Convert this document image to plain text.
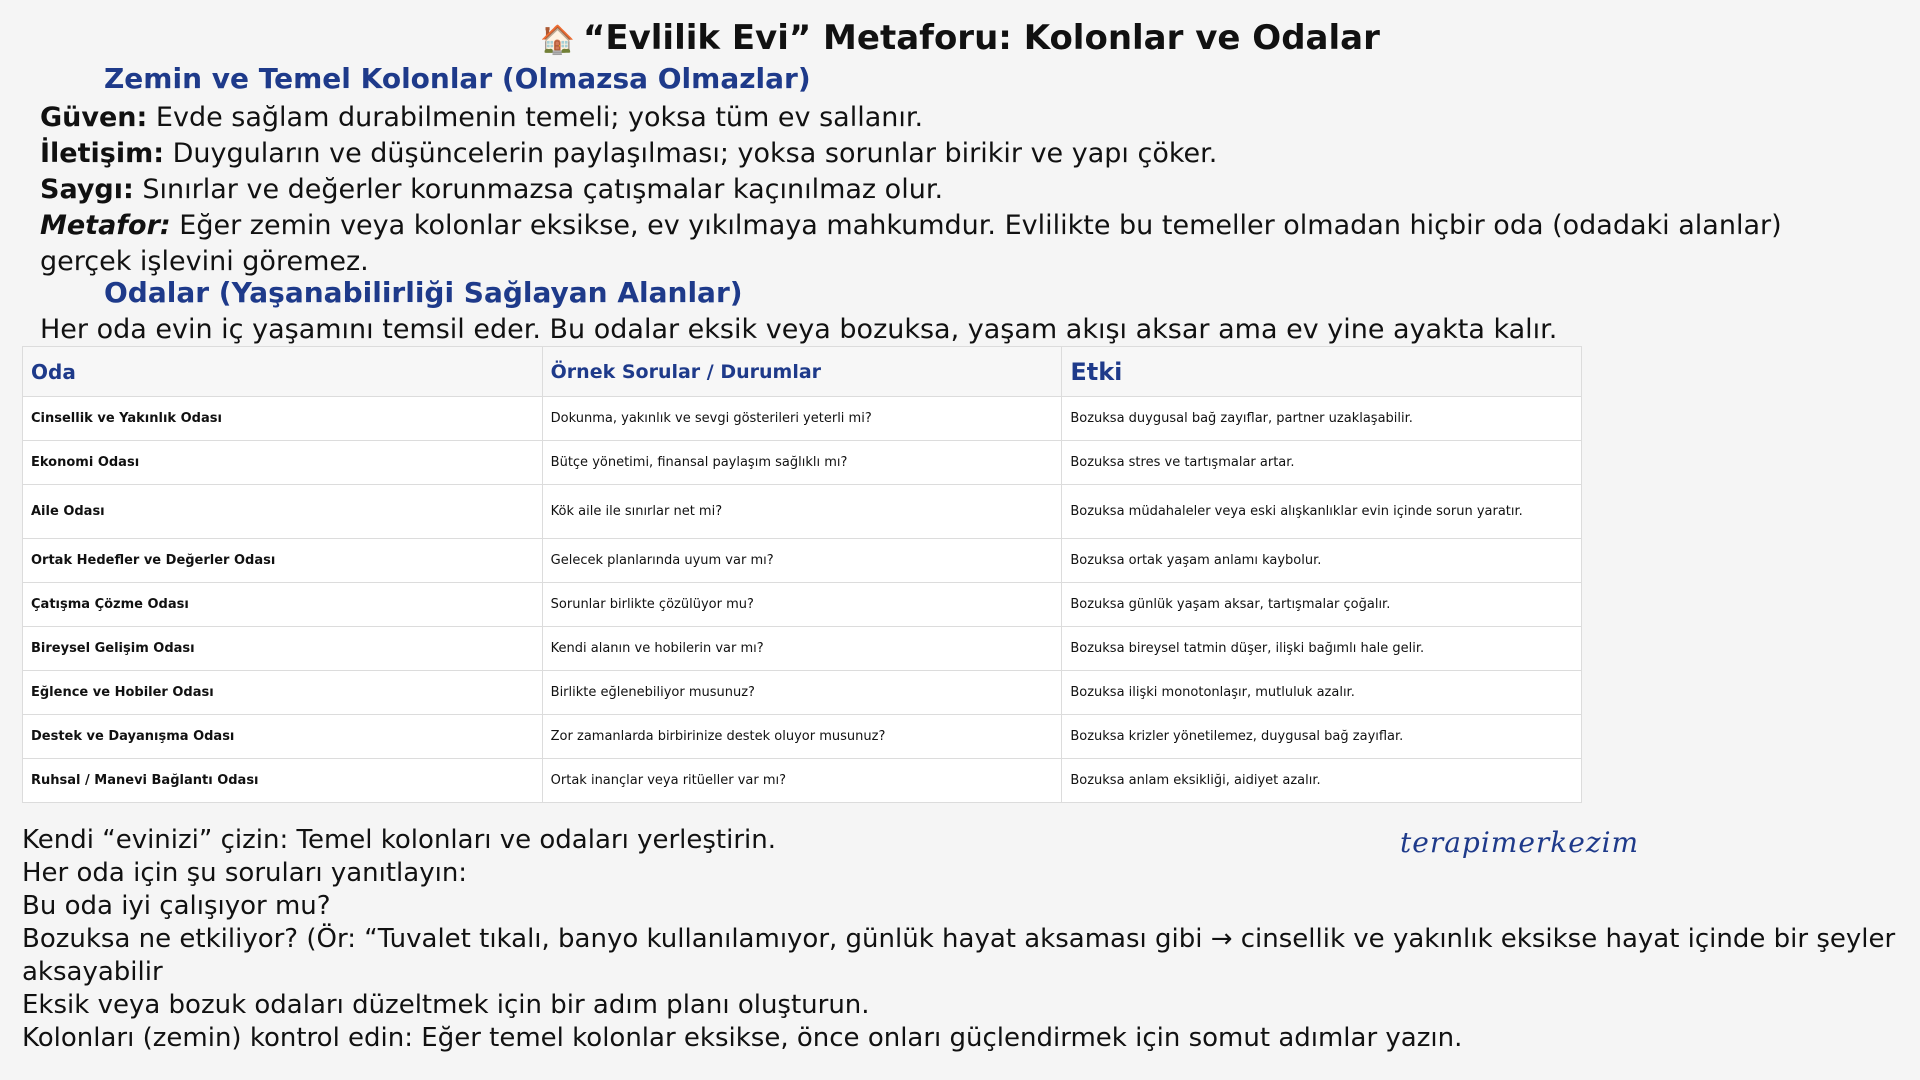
🏠 “Evlilik Evi” Metaforu: Kolonlar ve Odalar
Zemin ve Temel Kolonlar (Olmazsa Olmazlar)
Güven: Evde sağlam durabilmenin temeli; yoksa tüm ev sallanır.
İletişim: Duyguların ve düşüncelerin paylaşılması; yoksa sorunlar birikir ve yapı çöker.
Saygı: Sınırlar ve değerler korunmazsa çatışmalar kaçınılmaz olur.
Metafor: Eğer zemin veya kolonlar eksikse, ev yıkılmaya mahkumdur. Evlilikte bu temeller olmadan hiçbir oda (odadaki alanlar) gerçek işlevini göremez.
Odalar (Yaşanabilirliği Sağlayan Alanlar)
Her oda evin iç yaşamını temsil eder. Bu odalar eksik veya bozuksa, yaşam akışı aksar ama ev yine ayakta kalır.
Oda	Örnek Sorular / Durumlar	Etki
Cinsellik ve Yakınlık Odası	Dokunma, yakınlık ve sevgi gösterileri yeterli mi?	Bozuksa duygusal bağ zayıflar, partner uzaklaşabilir.
Ekonomi Odası	Bütçe yönetimi, finansal paylaşım sağlıklı mı?	Bozuksa stres ve tartışmalar artar.
Aile Odası	Kök aile ile sınırlar net mi?	Bozuksa müdahaleler veya eski alışkanlıklar evin içinde sorun yaratır.
Ortak Hedefler ve Değerler Odası	Gelecek planlarında uyum var mı?	Bozuksa ortak yaşam anlamı kaybolur.
Çatışma Çözme Odası	Sorunlar birlikte çözülüyor mu?	Bozuksa günlük yaşam aksar, tartışmalar çoğalır.
Bireysel Gelişim Odası	Kendi alanın ve hobilerin var mı?	Bozuksa bireysel tatmin düşer, ilişki bağımlı hale gelir.
Eğlence ve Hobiler Odası	Birlikte eğlenebiliyor musunuz?	Bozuksa ilişki monotonlaşır, mutluluk azalır.
Destek ve Dayanışma Odası	Zor zamanlarda birbirinize destek oluyor musunuz?	Bozuksa krizler yönetilemez, duygusal bağ zayıflar.
Ruhsal / Manevi Bağlantı Odası	Ortak inançlar veya ritüeller var mı?	Bozuksa anlam eksikliği, aidiyet azalır.
Kendi “evinizi” çizin: Temel kolonları ve odaları yerleştirin.
Her oda için şu soruları yanıtlayın:
Bu oda iyi çalışıyor mu?
Bozuksa ne etkiliyor? (Ör: “Tuvalet tıkalı, banyo kullanılamıyor, günlük hayat aksaması gibi → cinsellik ve yakınlık eksikse hayat içinde bir şeyler aksayabilir
Eksik veya bozuk odaları düzeltmek için bir adım planı oluşturun.
Kolonları (zemin) kontrol edin: Eğer temel kolonlar eksikse, önce onları güçlendirmek için somut adımlar yazın.
terapimerkezim
